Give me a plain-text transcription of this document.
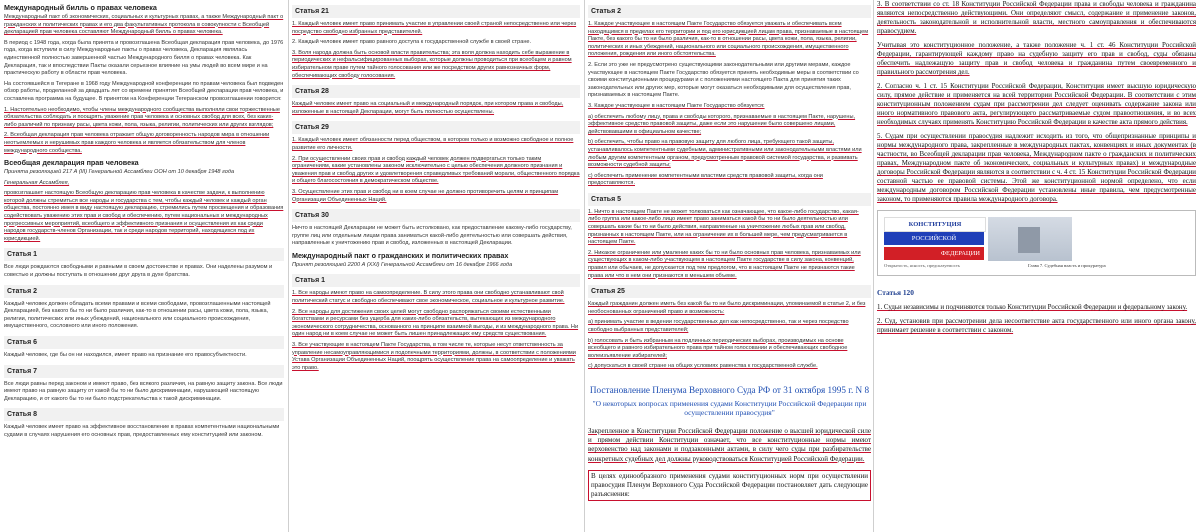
Международный билль о правах человека

Международный пакт об экономических, социальных и культурных правах, а также Международный пакт о гражданских и политических правах и его два факультативных протокола в совокупности с Всеобщей декларацией прав человека составляют Международный билль о правах человека.

В период с 1948 года, когда была принята и провозглашена Всеобщая декларация прав человека, до 1976 года, когда вступили в силу Международные пакты о правах человека, Декларация являлась единственной полностью завершенной частью Международного билля о правах человека. Как Декларация, так и впоследствии Пакты оказали серьезное влияние на умы людей во всем мире и на практическую работу в области прав человека.

На состоявшейся в Тегеране в 1968 году Международной конференции по правам человека был подведен обзор работы, проделанной за двадцать лет со времени принятия Всеобщей декларации прав человека, и составлена программа на будущее. В принятом на Конференции Тегеранском провозглашении говорится:

1. Настоятельно необходимо, чтобы члены международного сообщества выполняли свои торжественные обязательства соблюдать и поощрять уважение прав человека и основных свобод для всех, без каких-либо различий по признаку расы, цвета кожи, пола, языка, религии, политических или других взглядов;

2. Всеобщая декларация прав человека отражает общую договоренность народов мира в отношении неотъемлемых и нерушимых прав каждого человека и является обязательством для членов международного сообщества.

Всеобщая декларация прав человека

Принята резолюцией 217 A (III) Генеральной Ассамблеи ООН от 10 декабря 1948 года

Генеральная Ассамблея,

провозглашает настоящую Всеобщую декларацию прав человека в качестве задачи, к выполнению которой должны стремиться все народы и государства с тем, чтобы каждый человек и каждый орган общества, постоянно имея в виду настоящую декларацию, стремились путем просвещения и образования содействовать уважению этих прав и свобод и обеспечению, путем национальных и международных прогрессивных мероприятий, всеобщего и эффективного признания и осуществления их как среди народов государств-членов Организации, так и среди народов территорий, находящихся под их юрисдикцией.

Статья 1

Все люди рождаются свободными и равными в своем достоинстве и правах. Они наделены разумом и совестью и должны поступать в отношении друг друга в духе братства.

Статья 2

Каждый человек должен обладать всеми правами и всеми свободами, провозглашенными настоящей Декларацией, без какого бы то ни было различия, как-то в отношении расы, цвета кожи, пола, языка, религии, политических или иных убеждений, национального или социального происхождения, имущественного, сословного или иного положения.

Статья 6

Каждый человек, где бы он ни находился, имеет право на признание его правосубъектности.

Статья 7

Все люди равны перед законом и имеют право, без всякого различия, на равную защиту закона. Все люди имеют право на равную защиту от какой бы то ни было дискриминации, нарушающей настоящую Декларацию, и от какого бы то ни было подстрекательства к такой дискриминации.

Статья 8

Каждый человек имеет право на эффективное восстановление в правах компетентными национальными судами в случаях нарушения его основных прав, предоставленных ему конституцией или законом.

Статья 21

1. Каждый человек имеет право принимать участие в управлении своей страной непосредственно или через посредство свободно избранных представителей.

2. Каждый человек имеет право равного доступа к государственной службе в своей стране.

3. Воля народа должна быть основой власти правительства; эта воля должна находить себе выражение в периодических и нефальсифицированных выборах, которые должны проводиться при всеобщем и равном избирательном праве путем тайного голосования или же посредством других равнозначных форм, обеспечивающих свободу голосования.

Статья 28

Каждый человек имеет право на социальный и международный порядок, при котором права и свободы, изложенные в настоящей Декларации, могут быть полностью осуществлены.

Статья 29

1. Каждый человек имеет обязанности перед обществом, в котором только и возможно свободное и полное развитие его личности.

2. При осуществлении своих прав и свобод каждый человек должен подвергаться только таким ограничениям, какие установлены законом исключительно с целью обеспечения должного признания и уважения прав и свобод других и удовлетворения справедливых требований морали, общественного порядка и общего благосостояния в демократическом обществе.

3. Осуществление этих прав и свобод ни в коем случае не должно противоречить целям и принципам Организации Объединенных Наций.

Статья 30

Ничто в настоящей Декларации не может быть истолковано, как предоставление какому-либо государству, группе лиц или отдельным лицам права заниматься какой-либо деятельностью или совершать действия, направленные к уничтожению прав и свобод, изложенных в настоящей Декларации.

Международный пакт о гражданских и политических правах

Принят резолюцией 2200 A (XXI) Генеральной Ассамблеи от 16 декабря 1966 года

Статья 1

1. Все народы имеют право на самоопределение. В силу этого права они свободно устанавливают свой политический статус и свободно обеспечивают свое экономическое, социальное и культурное развитие.

2. Все народы для достижения своих целей могут свободно распоряжаться своими естественными богатствами и ресурсами без ущерба для каких-либо обязательств, вытекающих из международного экономического сотрудничества, основанного на принципе взаимной выгоды, и из международного права. Ни один народ ни в коем случае не может быть лишен принадлежащих ему средств существования.

3. Все участвующие в настоящем Пакте Государства, в том числе те, которые несут ответственность за управление несамоуправляющимися и подопечными территориями, должны, в соответствии с положениями Устава Организации Объединенных Наций, поощрять осуществление права на самоопределение и уважать это право.

Статья 2

1. Каждое участвующее в настоящем Пакте Государство обязуется уважать и обеспечивать всем находящимся в пределах его территории и под его юрисдикцией лицам права, признаваемые в настоящем Пакте, без какого бы то ни было различия, как-то в отношении расы, цвета кожи, пола, языка, религии, политических и иных убеждений, национального или социального происхождения, имущественного положения, рождения или иного обстоятельства.

2. Если это уже не предусмотрено существующими законодательными или другими мерами, каждое участвующее в настоящем Пакте Государство обязуется принять необходимые меры в соответствии со своими конституционными процедурами и с положениями настоящего Пакта для принятия таких законодательных или других мер, которые могут оказаться необходимыми для осуществления прав, признаваемых в настоящем Пакте.

3. Каждое участвующее в настоящем Пакте Государство обязуется:

a) обеспечить любому лицу, права и свободы которого, признаваемые в настоящем Пакте, нарушены, эффективное средство правовой защиты, даже если это нарушение было совершено лицами, действовавшими в официальном качестве;

b) обеспечить, чтобы право на правовую защиту для любого лица, требующего такой защиты, устанавливалось компетентными судебными, административными или законодательными властями или любым другим компетентным органом, предусмотренным правовой системой государства, и развивать возможности судебной защиты;

c) обеспечить применение компетентными властями средств правовой защиты, когда они предоставляются.

Статья 5

1. Ничто в настоящем Пакте не может толковаться как означающее, что какое-либо государство, какая-либо группа или какое-либо лицо имеет право заниматься какой бы то ни было деятельностью или совершать какие бы то ни было действия, направленные на уничтожение любых прав или свобод, признанных в настоящем Пакте, или на ограничение их в большей мере, чем предусматривается в настоящем Пакте.

2. Никакое ограничение или умаление каких бы то ни было основных прав человека, признаваемых или существующих в каком-либо участвующем в настоящем Пакте государстве в силу закона, конвенций, правил или обычаев, не допускается под тем предлогом, что в настоящем Пакте не признаются такие права или что в нем они признаются в меньшем объеме.

Статья 25

Каждый гражданин должен иметь без какой бы то ни было дискриминации, упоминаемой в статье 2, и без необоснованных ограничений право и возможность:

a) принимать участие в ведении государственных дел как непосредственно, так и через посредство свободно выбранных представителей;

b) голосовать и быть избранным на подлинных периодических выборах, производимых на основе всеобщего и равного избирательного права при тайном голосовании и обеспечивающих свободное волеизъявление избирателей;

c) допускаться в своей стране на общих условиях равенства к государственной службе.

Постановление Пленума Верховного Суда РФ от 31 октября 1995 г. N 8
"О некоторых вопросах применения судами Конституции Российской Федерации при осуществлении правосудия"

Закрепленное в Конституции Российской Федерации положение о высшей юридической силе и прямом действии Конституции означает, что все конституционные нормы имеют верховенство над законами и подзаконными актами, в силу чего суды при разбирательстве конкретных судебных дел должны руководствоваться Конституцией Российской Федерации.

В целях единообразного применения судами конституционных норм при осуществлении правосудия Пленум Верховного Суда Российской Федерации постановляет дать следующие разъяснения:

3. В соответствии со ст. 18 Конституции Российской Федерации права и свободы человека и гражданина являются непосредственно действующими. Они определяют смысл, содержание и применение законов, деятельность законодательной и исполнительной власти, местного самоуправления и обеспечиваются правосудием.

Учитывая это конституционное положение, а также положение ч. 1 ст. 46 Конституции Российской Федерации, гарантирующей каждому право на судебную защиту его прав и свобод, суды обязаны обеспечить надлежащую защиту прав и свобод человека и гражданина путем своевременного и правильного рассмотрения дел.

2. Согласно ч. 1 ст. 15 Конституции Российской Федерации, Конституция имеет высшую юридическую силу, прямое действие и применяется на всей территории Российской Федерации. В соответствии с этим конституционным положением судам при рассмотрении дел следует оценивать содержание закона или иного нормативного правового акта, регулирующего рассматриваемые судом правоотношения, и во всех необходимых случаях применять Конституцию Российской Федерации в качестве акта прямого действия.

5. Судам при осуществлении правосудия надлежит исходить из того, что общепризнанные принципы и нормы международного права, закрепленные в международных пактах, конвенциях и иных документах (в частности, во Всеобщей декларации прав человека, Международном пакте о гражданских и политических правах, Международном пакте об экономических, социальных и культурных правах) и международные договоры Российской Федерации являются в соответствии с ч. 4 ст. 15 Конституции Российской Федерации составной частью ее правовой системы. Этой же конституционной нормой определено, что если международным договором Российской Федерации установлены иные правила, чем предусмотренные законом, то применяются правила международного договора.

КОНСТИТУЦИЯ
РОССИЙСКОЙ
ФЕДЕРАЦИИ
Открытость, ясность, предсказуемость	Глава 7. Судебная власть и прокуратура
Статья 120

1. Судьи независимы и подчиняются только Конституции Российской Федерации и федеральному закону.

2. Суд, установив при рассмотрении дела несоответствие акта государственного или иного органа закону, принимает решение в соответствии с законом.
